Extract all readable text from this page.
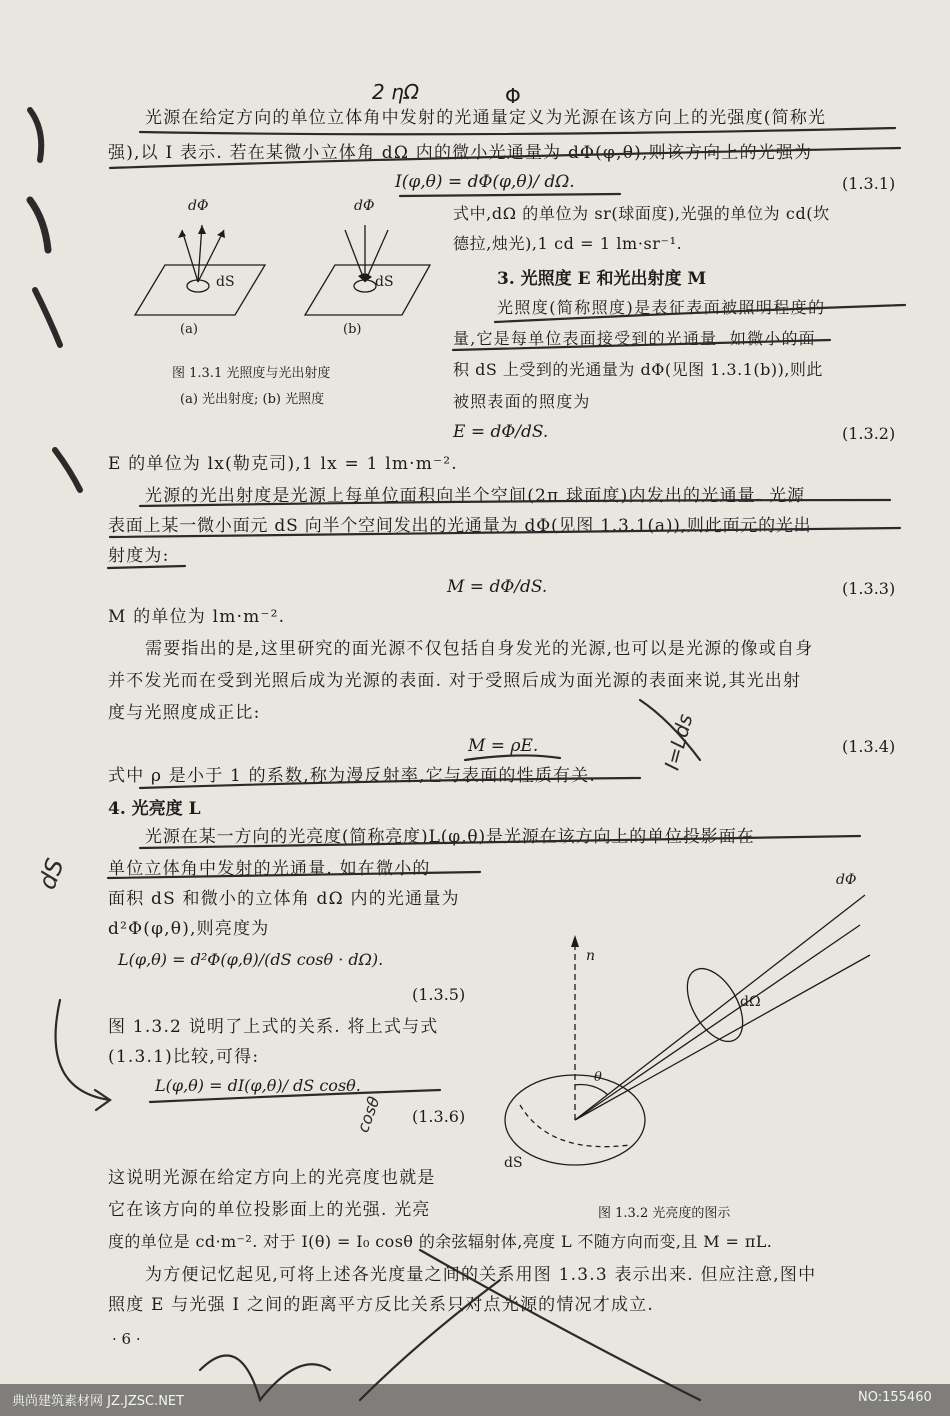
2 ηΩ	Φ
光源在给定方向的单位立体角中发射的光通量定义为光源在该方向上的光强度(简称光
强),以 I 表示. 若在某微小立体角 dΩ 内的微小光通量为 dΦ(φ,θ),则该方向上的光强为
I(φ,θ) = dΦ(φ,θ)/ dΩ.	(1.3.1)
dΦ	dΦ
dS	dS
(a)	(b)
图 1.3.1 光照度与光出射度
(a) 光出射度; (b) 光照度
式中,dΩ 的单位为 sr(球面度),光强的单位为 cd(坎
德拉,烛光),1 cd = 1 lm·sr⁻¹.
3. 光照度 E 和光出射度 M
光照度(简称照度)是表征表面被照明程度的
量,它是每单位表面接受到的光通量. 如微小的面
积 dS 上受到的光通量为 dΦ(见图 1.3.1(b)),则此
被照表面的照度为
E = dΦ/dS.	(1.3.2)
E 的单位为 lx(勒克司),1 lx = 1 lm·m⁻².
光源的光出射度是光源上每单位面积向半个空间(2π 球面度)内发出的光通量. 光源
表面上某一微小面元 dS 向半个空间发出的光通量为 dΦ(见图 1.3.1(a)),则此面元的光出
射度为:
M = dΦ/dS.	(1.3.3)
M 的单位为 lm·m⁻².
需要指出的是,这里研究的面光源不仅包括自身发光的光源,也可以是光源的像或自身
并不发光而在受到光照后成为光源的表面. 对于受照后成为面光源的表面来说,其光出射
度与光照度成正比:
M = ρE.	(1.3.4)
式中 ρ 是小于 1 的系数,称为漫反射率,它与表面的性质有关.
4. 光亮度 L
光源在某一方向的光亮度(简称亮度)L(φ,θ)是光源在该方向上的单位投影面在
单位立体角中发射的光通量. 如在微小的
面积 dS 和微小的立体角 dΩ 内的光通量为
d²Φ(φ,θ),则亮度为
L(φ,θ) = d²Φ(φ,θ)/(dS cosθ · dΩ).
(1.3.5)
图 1.3.2 说明了上式的关系. 将上式与式
(1.3.1)比较,可得:
L(φ,θ) = dI(φ,θ)/ dS cosθ.
(1.3.6)
这说明光源在给定方向上的光亮度也就是
它在该方向的单位投影面上的光强. 光亮
度的单位是 cd·m⁻². 对于 I(θ) = I₀ cosθ 的余弦辐射体,亮度 L 不随方向而变,且 M = πL.
dΦ
n
dΩ
θ
dS
图 1.3.2 光亮度的图示
为方便记忆起见,可将上述各光度量之间的关系用图 1.3.3 表示出来. 但应注意,图中
照度 E 与光强 I 之间的距离平方反比关系只对点光源的情况才成立.
· 6 ·
dS
I=Lds
cosθ
典尚建筑素材网 JZ.JZSC.NET	NO:155460
